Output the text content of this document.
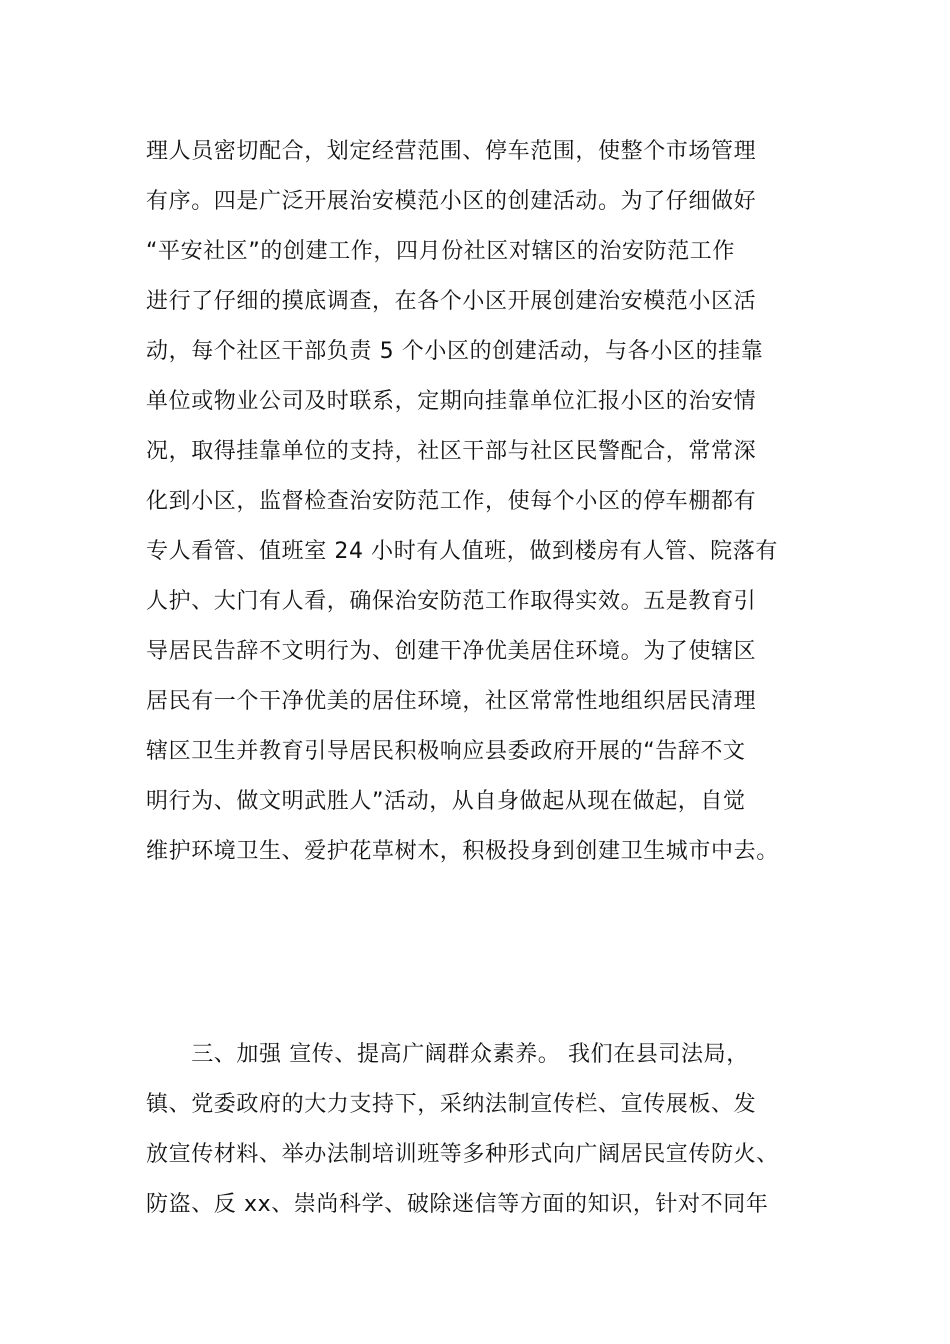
理人员密切配合，划定经营范围、停车范围，使整个市场管理
有序。四是广泛开展治安模范小区的创建活动。为了仔细做好
“平安社区”的创建工作，四月份社区对辖区的治安防范工作
进行了仔细的摸底调查，在各个小区开展创建治安模范小区活
动，每个社区干部负责 5 个小区的创建活动，与各小区的挂靠
单位或物业公司及时联系，定期向挂靠单位汇报小区的治安情
况，取得挂靠单位的支持，社区干部与社区民警配合，常常深
化到小区，监督检查治安防范工作，使每个小区的停车棚都有
专人看管、值班室 24 小时有人值班，做到楼房有人管、院落有
人护、大门有人看，确保治安防范工作取得实效。五是教育引
导居民告辞不文明行为、创建干净优美居住环境。为了使辖区
居民有一个干净优美的居住环境，社区常常性地组织居民清理
辖区卫生并教育引导居民积极响应县委政府开展的“告辞不文
明行为、做文明武胜人”活动，从自身做起从现在做起，自觉
维护环境卫生、爱护花草树木，积极投身到创建卫生城市中去。
　　三、加强 宣传、提高广阔群众素养。 我们在县司法局，
镇、党委政府的大力支持下，采纳法制宣传栏、宣传展板、发
放宣传材料、举办法制培训班等多种形式向广阔居民宣传防火、
防盗、反 xx、崇尚科学、破除迷信等方面的知识，针对不同年
